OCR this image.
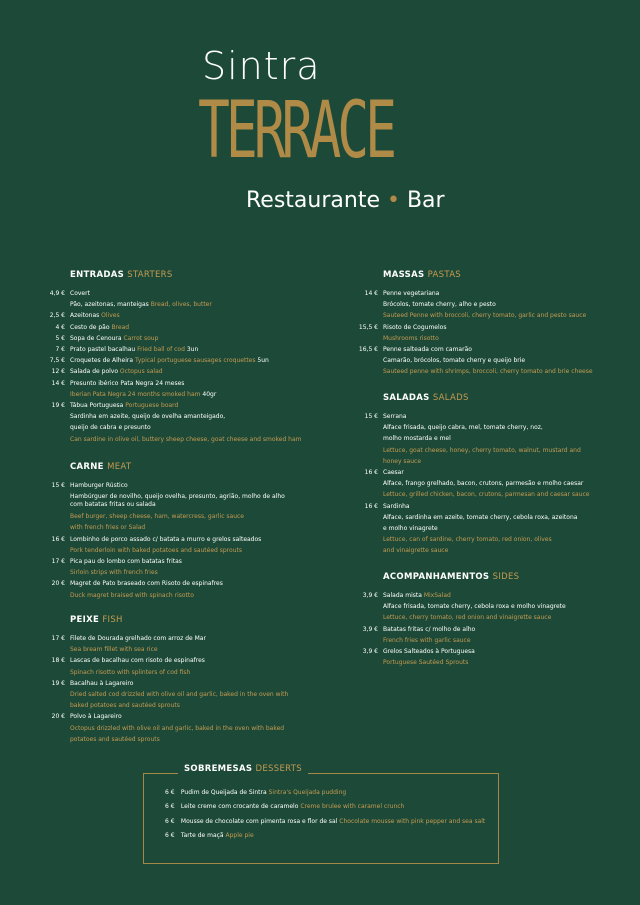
Sintra
TERRACE
Restaurante • Bar
ENTRADAS STARTERS
4,9 € Covert
Pão, azeitonas, manteigas Bread, olives, butter
2,5 € Azeitonas Olives
4 € Cesto de pão Bread
5 € Sopa de Cenoura Carrot soup
7 € Prato pastel bacalhau Fried ball of cod 3un
7,5 € Croquetes de Alheira Typical portuguese sausages croquettes 5un
12 € Salada de polvo Octopus salad
14 € Presunto ibérico Pata Negra 24 meses
Iberian Pata Negra 24 months smoked ham 40gr
19 € Tábua Portuguesa Portuguese board
Sardinha em azeite, queijo de ovelha amanteigado,
queijo de cabra e presunto
Can sardine in olive oil, buttery sheep cheese, goat cheese and smoked ham
CARNE MEAT
15 € Hamburger Rústico
Hambúrguer de novilho, queijo ovelha, presunto, agrião, molho de alho
com batatas fritas ou salada
Beef burger, sheep cheese, ham, watercress, garlic sauce
with french fries or Salad
16 € Lombinho de porco assado c/ batata a murro e grelos salteados
Pork tenderloin with baked potatoes and sautéed sprouts
17 € Pica pau do lombo com batatas fritas
Sirloin strips with french fries
20 € Magret de Pato braseado com Risoto de espinafres
Duck magret braised with spinach risotto
PEIXE FISH
17 € Filete de Dourada grelhado com arroz de Mar
Sea bream fillet with sea rice
18 € Lascas de bacalhau com risoto de espinafres
Spinach risotto with splinters of cod fish
19 € Bacalhau à Lagareiro
Dried salted cod drizzled with olive oil and garlic, baked in the oven with
baked potatoes and sautéed sprouts
20 € Polvo à Lagareiro
Octopus drizzled with olive oil and garlic, baked in the oven with baked
potatoes and sautéed sprouts
MASSAS PASTAS
14 € Penne vegetariana
Brócolos, tomate cherry, alho e pesto
Sauteed Penne with broccoli, cherry tomato, garlic and pesto sauce
15,5 € Risoto de Cogumelos
Mushrooms risotto
16,5 € Penne salteada com camarão
Camarão, brócolos, tomate cherry e queijo brie
Sauteed penne with shrimps, broccoli, cherry tomato and brie cheese
SALADAS SALADS
15 € Serrana
Alface frisada, queijo cabra, mel, tomate cherry, noz,
molho mostarda e mel
Lettuce, goat cheese, honey, cherry tomato, walnut, mustard and
honey sauce
16 € Caesar
Alface, frango grelhado, bacon, crutons, parmesão e molho caesar
Lettuce, grilled chicken, bacon, crutons, parmesan and caesar sauce
16 € Sardinha
Alface, sardinha em azeite, tomate cherry, cebola roxa, azeitona
e molho vinagrete
Lettuce, can of sardine, cherry tomato, red onion, olives
and vinaigrette sauce
ACOMPANHAMENTOS SIDES
3,9 € Salada mista MixSalad
Alface frisada, tomate cherry, cebola roxa e molho vinagrete
Lettuce, cherry tomato, red onion and vinaigrette sauce
3,9 € Batatas fritas c/ molho de alho
French fries with garlic sauce
3,9 € Grelos Salteados à Portuguesa
Portuguese Sautéed Sprouts
SOBREMESAS DESSERTS
6 € Pudim de Queijada de Sintra Sintra's Queijada pudding
6 € Leite creme com crocante de caramelo Creme brulee with caramel crunch
6 € Mousse de chocolate com pimenta rosa e flor de sal Chocolate mousse with pink pepper and sea salt
6 € Tarte de maçã Apple pie
